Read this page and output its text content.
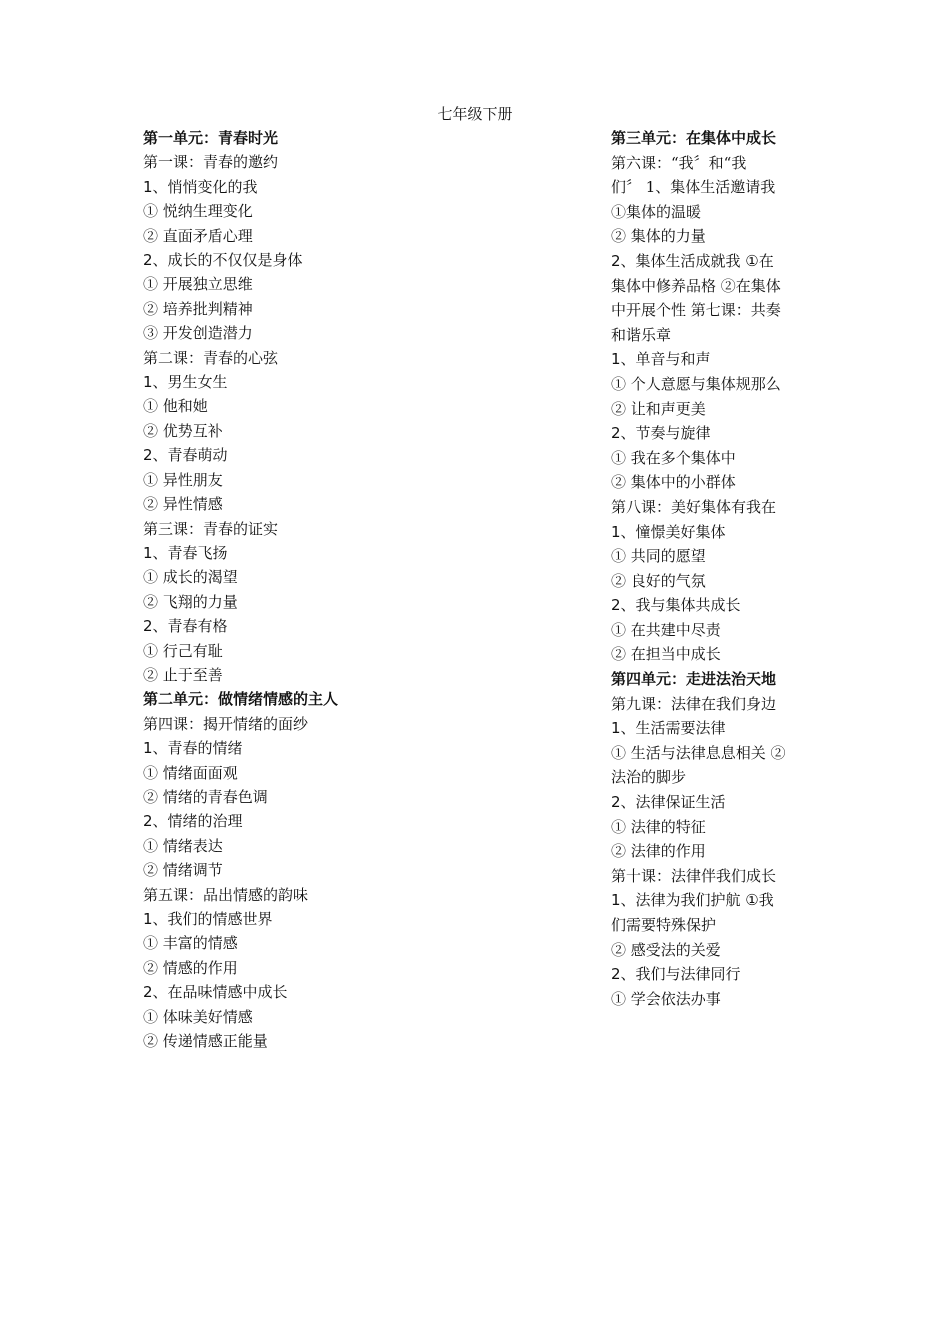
七年级下册
第一单元：青春时光
第一课：青春的邀约
1、悄悄变化的我
① 悦纳生理变化
② 直面矛盾心理
2、成长的不仅仅是身体
① 开展独立思维
② 培养批判精神
③ 开发创造潜力
第二课：青春的心弦
1、男生女生
① 他和她
② 优势互补
2、青春萌动
① 异性朋友
② 异性情感
第三课：青春的证实
1、青春飞扬
① 成长的渴望
② 飞翔的力量
2、青春有格
① 行己有耻
② 止于至善
第二单元：做情绪情感的主人
第四课：揭开情绪的面纱
1、青春的情绪
① 情绪面面观
② 情绪的青春色调
2、情绪的治理
① 情绪表达
② 情绪调节
第五课：品出情感的韵味
1、我们的情感世界
① 丰富的情感
② 情感的作用
2、在品味情感中成长
① 体味美好情感
② 传递情感正能量
第三单元：在集体中成长
第六课：“我〞和“我
们〞 1、集体生活邀请我
①集体的温暖
② 集体的力量
2、集体生活成就我 ①在
集体中修养品格 ②在集体
中开展个性 第七课：共奏
和谐乐章
1、单音与和声
① 个人意愿与集体规那么
② 让和声更美
2、节奏与旋律
① 我在多个集体中
② 集体中的小群体
第八课：美好集体有我在
1、憧憬美好集体
① 共同的愿望
② 良好的气氛
2、我与集体共成长
① 在共建中尽责
② 在担当中成长
第四单元：走进法治天地
第九课：法律在我们身边
1、生活需要法律
① 生活与法律息息相关 ②
法治的脚步
2、法律保证生活
① 法律的特征
② 法律的作用
第十课：法律伴我们成长
1、法律为我们护航 ①我
们需要特殊保护
② 感受法的关爱
2、我们与法律同行
① 学会依法办事
